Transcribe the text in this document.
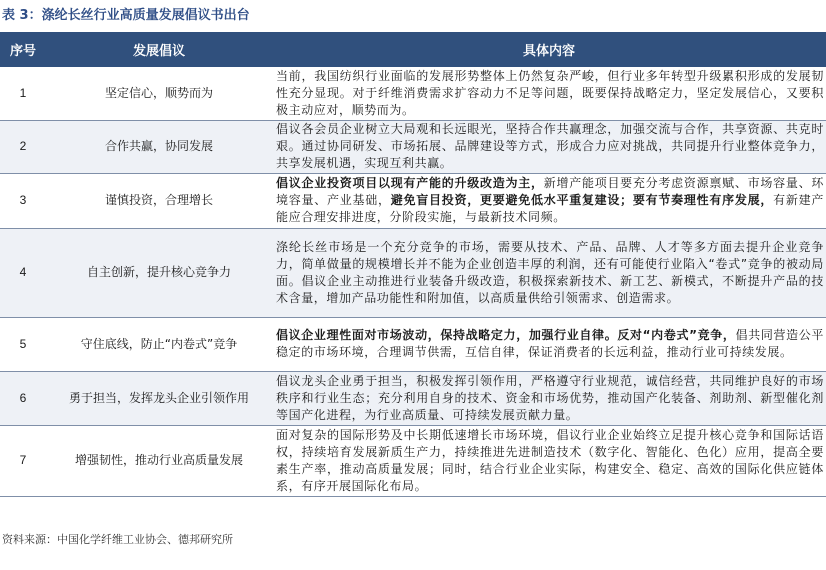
表 3：涤纶长丝行业高质量发展倡议书出台
序号	发展倡议	具体内容
1	坚定信心，顺势而为	当前，我国纺织行业面临的发展形势整体上仍然复杂严峻，但行业多年转型升级累积形成的发展韧性充分显现。对于纤维消费需求扩容动力不足等问题，既要保持战略定力，坚定发展信心，又要积极主动应对，顺势而为。
2	合作共赢，协同发展	倡议各会员企业树立大局观和长远眼光，坚持合作共赢理念，加强交流与合作，共享资源、共克时艰。通过协同研发、市场拓展、品牌建设等方式，形成合力应对挑战，共同提升行业整体竞争力，共享发展机遇，实现互利共赢。
3	谨慎投资，合理增长	倡议企业投资项目以现有产能的升级改造为主，新增产能项目要充分考虑资源禀赋、市场容量、环境容量、产业基础，避免盲目投资，更要避免低水平重复建设；要有节奏理性有序发展，有新建产能应合理安排进度，分阶段实施，与最新技术同频。
4	自主创新，提升核心竞争力	涤纶长丝市场是一个充分竞争的市场，需要从技术、产品、品牌、人才等多方面去提升企业竞争力，简单做量的规模增长并不能为企业创造丰厚的利润，还有可能使行业陷入“卷式”竞争的被动局面。倡议企业主动推进行业装备升级改造，积极探索新技术、新工艺、新模式，不断提升产品的技术含量，增加产品功能性和附加值，以高质量供给引领需求、创造需求。
5	守住底线，防止“内卷式”竞争	倡议企业理性面对市场波动，保持战略定力，加强行业自律。反对“内卷式”竞争，倡共同营造公平稳定的市场环境，合理调节供需，互信自律，保证消费者的长远利益，推动行业可持续发展。
6	勇于担当，发挥龙头企业引领作用	倡议龙头企业勇于担当，积极发挥引领作用，严格遵守行业规范，诚信经营，共同维护良好的市场秩序和行业生态；充分利用自身的技术、资金和市场优势，推动国产化装备、剂助剂、新型催化剂等国产化进程，为行业高质量、可持续发展贡献力量。
7	增强韧性，推动行业高质量发展	面对复杂的国际形势及中长期低速增长市场环境，倡议行业企业始终立足提升核心竞争和国际话语权，持续培育发展新质生产力，持续推进先进制造技术（数字化、智能化、色化）应用，提高全要素生产率，推动高质量发展；同时，结合行业企业实际，构建安全、稳定、高效的国际化供应链体系，有序开展国际化布局。
资料来源：中国化学纤维工业协会、德邦研究所
